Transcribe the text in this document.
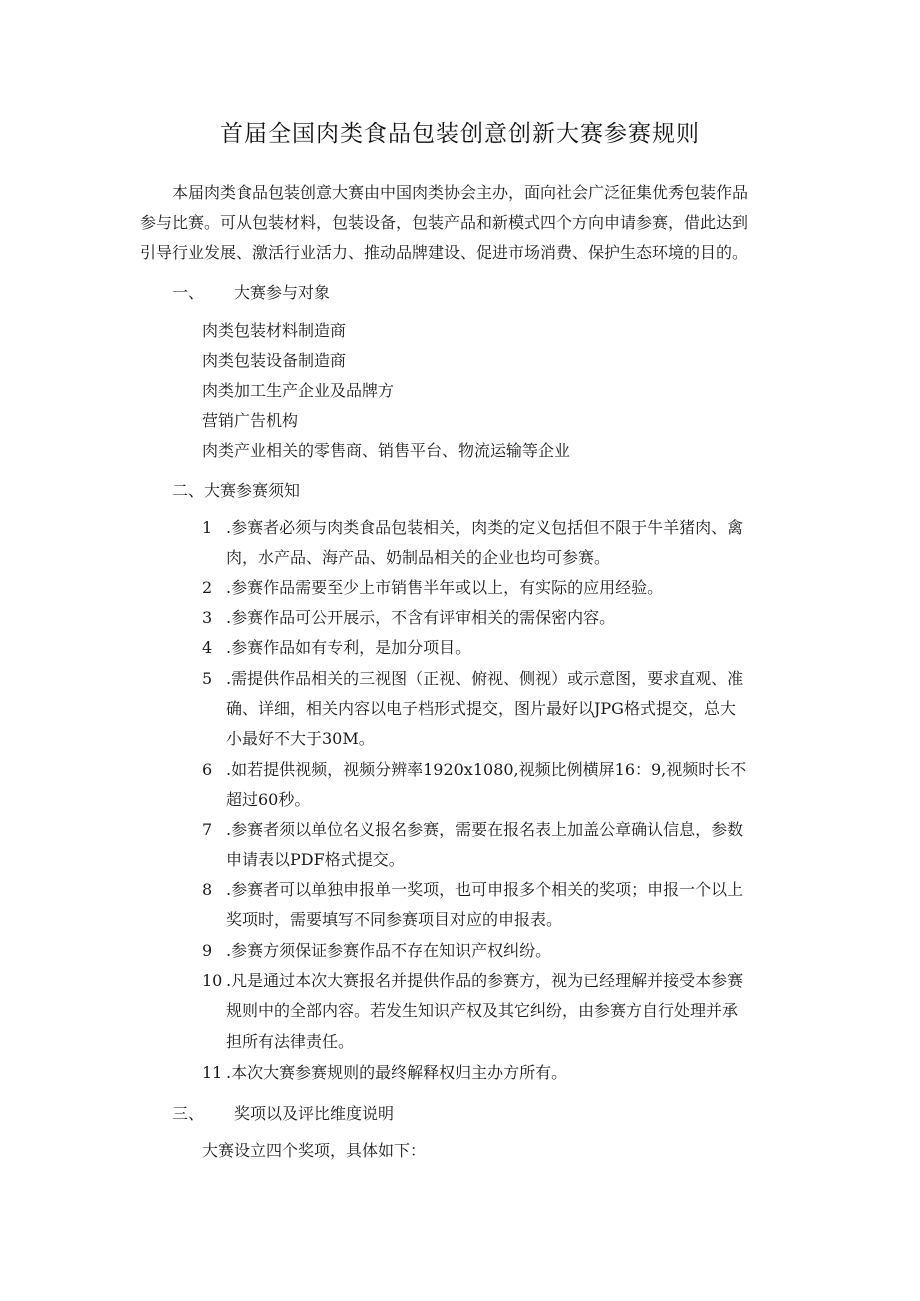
首届全国肉类食品包装创意创新大赛参赛规则
本届肉类食品包装创意大赛由中国肉类协会主办，面向社会广泛征集优秀包装作品
参与比赛。可从包装材料，包装设备，包装产品和新模式四个方向申请参赛，借此达到
引导行业发展、激活行业活力、推动品牌建设、促进市场消费、保护生态环境的目的。
一、 大赛参与对象
肉类包装材料制造商
肉类包装设备制造商
肉类加工生产企业及品牌方
营销广告机构
肉类产业相关的零售商、销售平台、物流运输等企业
二、大赛参赛须知
1 .参赛者必须与肉类食品包装相关，肉类的定义包括但不限于牛羊猪肉、禽
肉，水产品、海产品、奶制品相关的企业也均可参赛。
2 .参赛作品需要至少上市销售半年或以上，有实际的应用经验。
3 .参赛作品可公开展示，不含有评审相关的需保密内容。
4 .参赛作品如有专利，是加分项目。
5 .需提供作品相关的三视图（正视、俯视、侧视）或示意图，要求直观、准
确、详细，相关内容以电子档形式提交，图片最好以JPG格式提交，总大
小最好不大于30M。
6 .如若提供视频，视频分辨率1920x1080,视频比例横屏16：9,视频时长不
超过60秒。
7 .参赛者须以单位名义报名参赛，需要在报名表上加盖公章确认信息，参数
申请表以PDF格式提交。
8 .参赛者可以单独申报单一奖项，也可申报多个相关的奖项；申报一个以上
奖项时，需要填写不同参赛项目对应的申报表。
9 .参赛方须保证参赛作品不存在知识产权纠纷。
10 .凡是通过本次大赛报名并提供作品的参赛方，视为已经理解并接受本参赛
规则中的全部内容。若发生知识产权及其它纠纷，由参赛方自行处理并承
担所有法律责任。
11 .本次大赛参赛规则的最终解释权归主办方所有。
三、 奖项以及评比维度说明
大赛设立四个奖项，具体如下：
